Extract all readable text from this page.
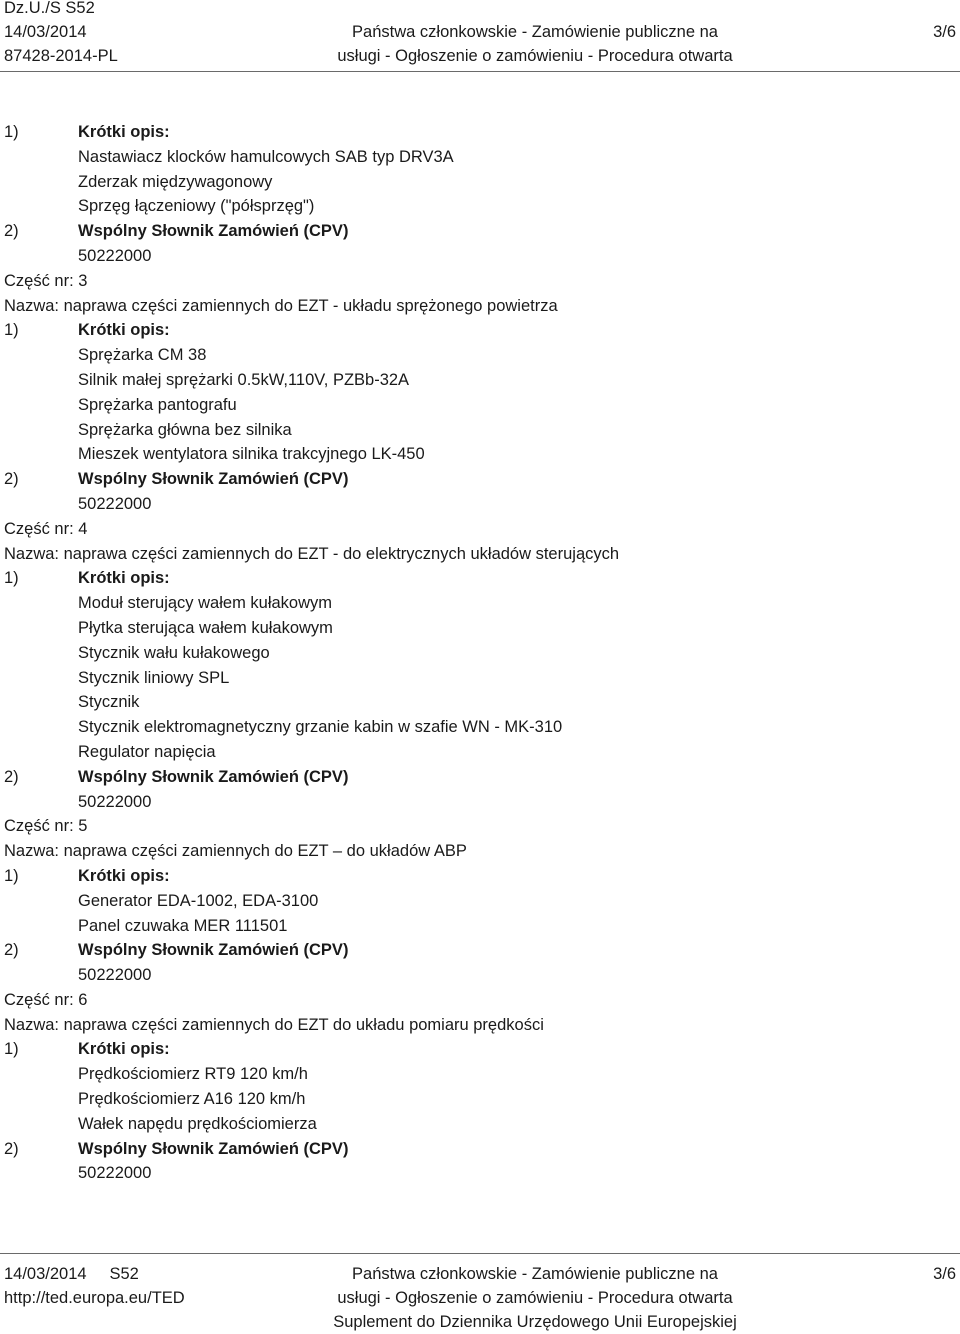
Dz.U./S S52
14/03/2014
87428-2014-PL
Państwa członkowskie - Zamówienie publiczne na
usługi - Ogłoszenie o zamówieniu - Procedura otwarta
3/6
1)	Krótki opis:
Nastawiacz klocków hamulcowych SAB typ DRV3A
Zderzak międzywagonowy
Sprzęg łączeniowy ("półsprzęg")
2)	Wspólny Słownik Zamówień (CPV)
50222000
Część nr: 3
Nazwa: naprawa części zamiennych do EZT - układu sprężonego powietrza
1)	Krótki opis:
Sprężarka CM 38
Silnik małej sprężarki 0.5kW,110V, PZBb-32A
Sprężarka pantografu
Sprężarka główna bez silnika
Mieszek wentylatora silnika trakcyjnego LK-450
2)	Wspólny Słownik Zamówień (CPV)
50222000
Część nr: 4
Nazwa: naprawa części zamiennych do EZT - do elektrycznych układów sterujących
1)	Krótki opis:
Moduł sterujący wałem kułakowym
Płytka sterująca wałem kułakowym
Stycznik wału kułakowego
Stycznik liniowy SPL
Stycznik
Stycznik elektromagnetyczny grzanie kabin w szafie WN - MK-310
Regulator napięcia
2)	Wspólny Słownik Zamówień (CPV)
50222000
Część nr: 5
Nazwa: naprawa części zamiennych do EZT – do układów ABP
1)	Krótki opis:
Generator EDA-1002, EDA-3100
Panel czuwaka MER 111501
2)	Wspólny Słownik Zamówień (CPV)
50222000
Część nr: 6
Nazwa: naprawa części zamiennych do EZT do układu pomiaru prędkości
1)	Krótki opis:
Prędkościomierz RT9 120 km/h
Prędkościomierz A16 120 km/h
Wałek napędu prędkościomierza
2)	Wspólny Słownik Zamówień (CPV)
50222000
14/03/2014     S52
http://ted.europa.eu/TED
Państwa członkowskie - Zamówienie publiczne na
usługi - Ogłoszenie o zamówieniu - Procedura otwarta
Suplement do Dziennika Urzędowego Unii Europejskiej
3/6
